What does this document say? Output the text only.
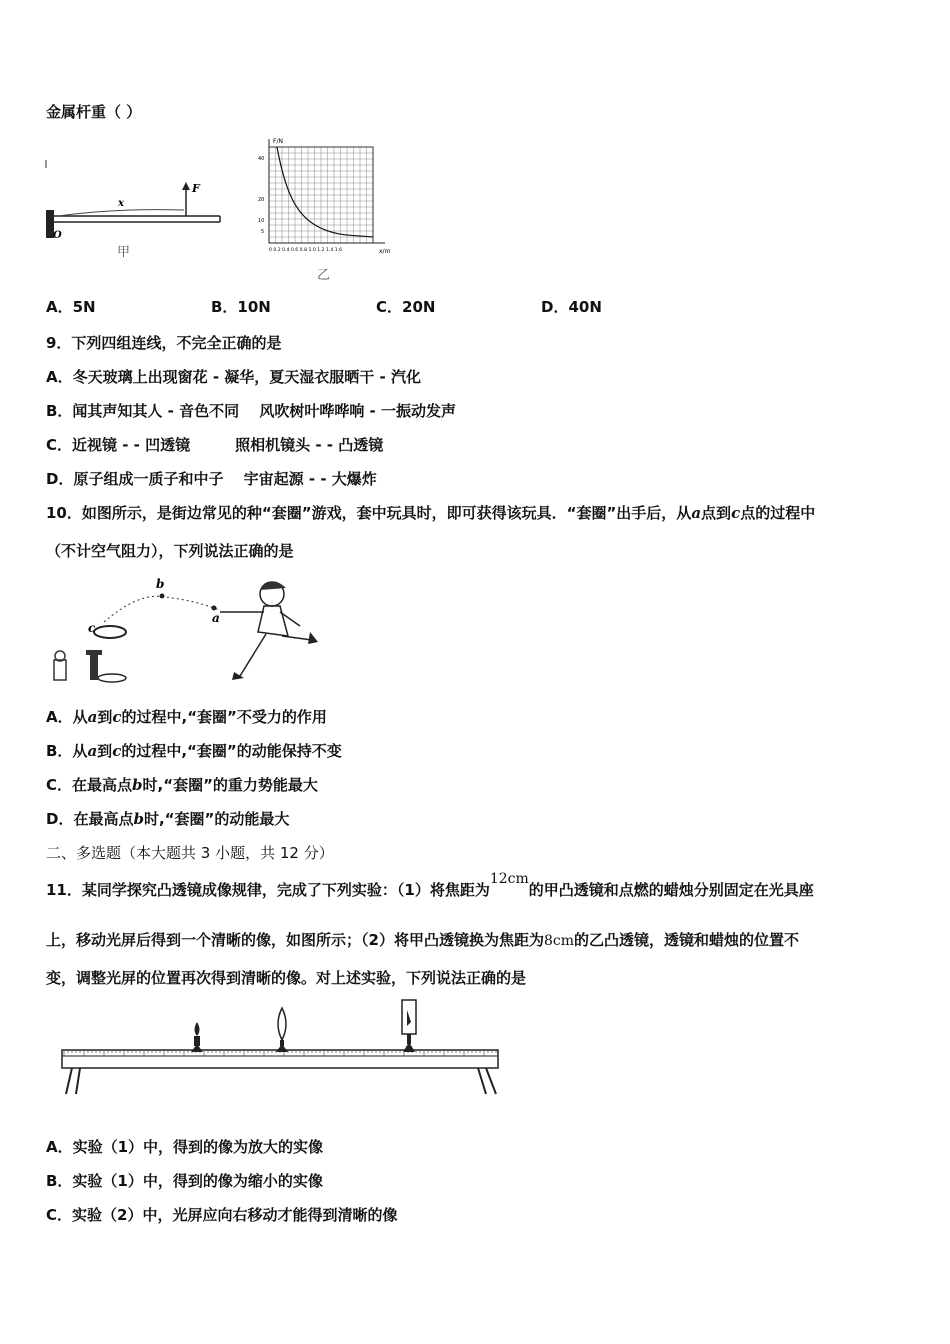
金属杆重（ ）
F
x
O
甲
F/N
x/m
40
20
10
5
0 0.2 0.4 0.6 0.8 1.0 1.2 1.4 1.6
乙
A．5N	B．10N	C．20N	D．40N
9．下列四组连线，不完全正确的是
A．冬天玻璃上出现窗花 - 凝华，夏天湿衣服晒干 - 汽化
B．闻其声知其人 - 音色不同　 风吹树叶哗哗响 - 一振动发声
C．近视镜 - - 凹透镜　　　照相机镜头 - - 凸透镜
D．原子组成一质子和中子　 宇宙起源 - - 大爆炸
10．如图所示，是街边常见的种“套圈”游戏，套中玩具时，即可获得该玩具．“套圈”出手后，从a点到c点的过程中
（不计空气阻力），下列说法正确的是
b
a
c
A．从a到c的过程中,“套圈”不受力的作用
B．从a到c的过程中,“套圈”的动能保持不变
C．在最高点b时,“套圈”的重力势能最大
D．在最高点b时,“套圈”的动能最大
二、多选题（本大题共 3 小题，共 12 分）
11．某同学探究凸透镜成像规律，完成了下列实验：（1）将焦距为12cm的甲凸透镜和点燃的蜡烛分别固定在光具座
上，移动光屏后得到一个清晰的像，如图所示；（2）将甲凸透镜换为焦距为8cm的乙凸透镜，透镜和蜡烛的位置不
变，调整光屏的位置再次得到清晰的像。对上述实验，下列说法正确的是
A．实验（1）中，得到的像为放大的实像
B．实验（1）中，得到的像为缩小的实像
C．实验（2）中，光屏应向右移动才能得到清晰的像
